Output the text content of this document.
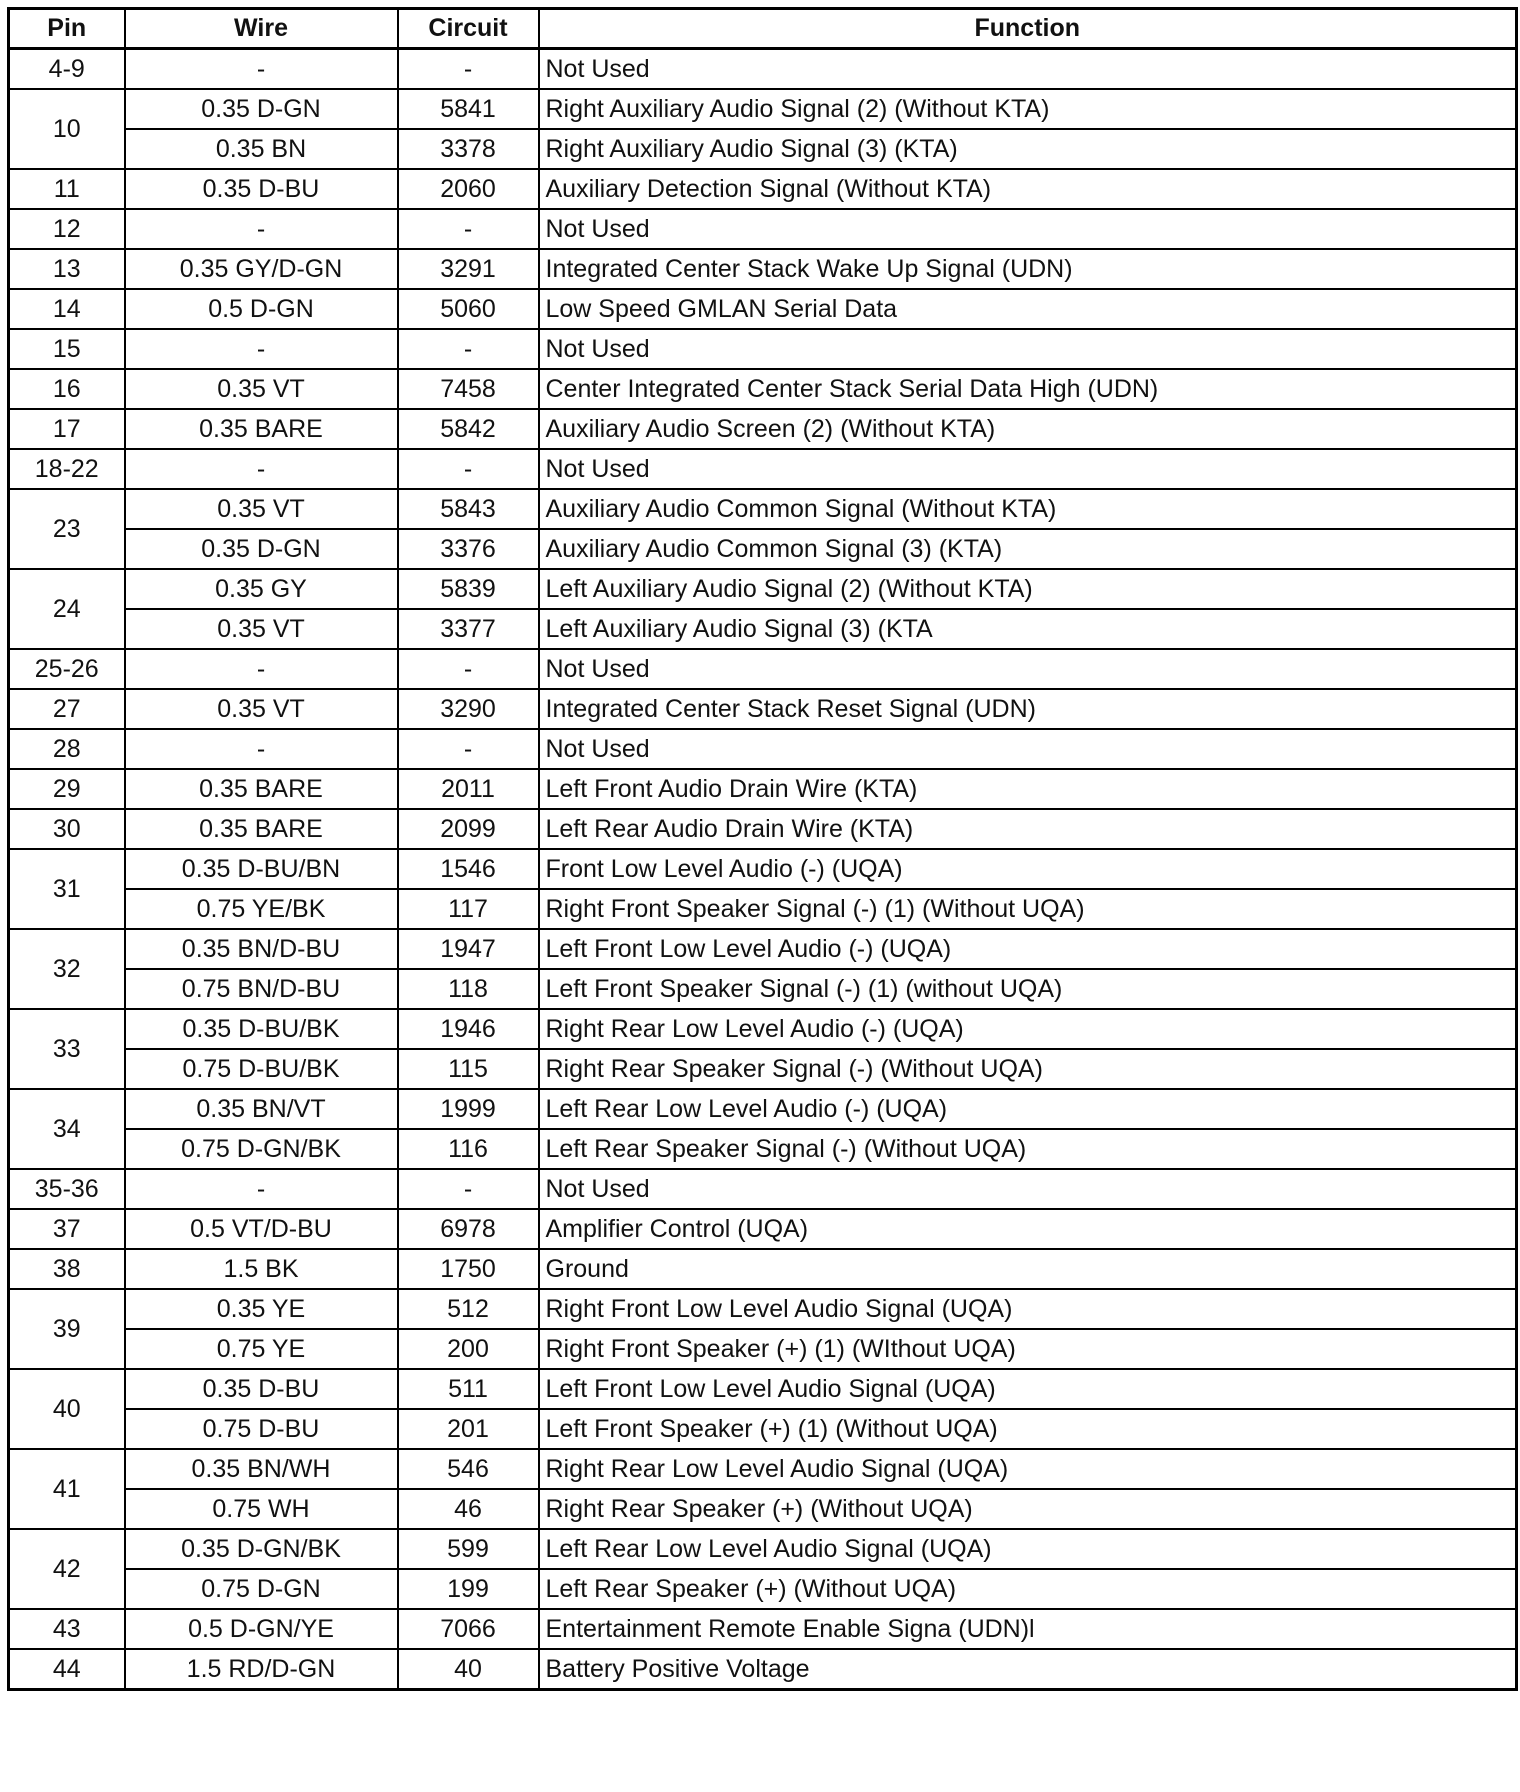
Pin	Wire	Circuit	Function
4-9	-	-	Not Used
10	0.35 D-GN	5841	Right Auxiliary Audio Signal (2) (Without KTA)
	0.35 BN	3378	Right Auxiliary Audio Signal (3) (KTA)
11	0.35 D-BU	2060	Auxiliary Detection Signal (Without KTA)
12	-	-	Not Used
13	0.35 GY/D-GN	3291	Integrated Center Stack Wake Up Signal (UDN)
14	0.5 D-GN	5060	Low Speed GMLAN Serial Data
15	-	-	Not Used
16	0.35 VT	7458	Center Integrated Center Stack Serial Data High (UDN)
17	0.35 BARE	5842	Auxiliary Audio Screen (2) (Without KTA)
18-22	-	-	Not Used
23	0.35 VT	5843	Auxiliary Audio Common Signal (Without KTA)
	0.35 D-GN	3376	Auxiliary Audio Common Signal (3) (KTA)
24	0.35 GY	5839	Left Auxiliary Audio Signal (2) (Without KTA)
	0.35 VT	3377	Left Auxiliary Audio Signal (3) (KTA
25-26	-	-	Not Used
27	0.35 VT	3290	Integrated Center Stack Reset Signal (UDN)
28	-	-	Not Used
29	0.35 BARE	2011	Left Front Audio Drain Wire (KTA)
30	0.35 BARE	2099	Left Rear Audio Drain Wire (KTA)
31	0.35 D-BU/BN	1546	Front Low Level Audio (-) (UQA)
	0.75 YE/BK	117	Right Front Speaker Signal (-) (1) (Without UQA)
32	0.35 BN/D-BU	1947	Left Front Low Level Audio (-) (UQA)
	0.75 BN/D-BU	118	Left Front Speaker Signal (-) (1) (without UQA)
33	0.35 D-BU/BK	1946	Right Rear Low Level Audio (-) (UQA)
	0.75 D-BU/BK	115	Right Rear Speaker Signal (-) (Without UQA)
34	0.35 BN/VT	1999	Left Rear Low Level Audio (-) (UQA)
	0.75 D-GN/BK	116	Left Rear Speaker Signal (-) (Without UQA)
35-36	-	-	Not Used
37	0.5 VT/D-BU	6978	Amplifier Control (UQA)
38	1.5 BK	1750	Ground
39	0.35 YE	512	Right Front Low Level Audio Signal (UQA)
	0.75 YE	200	Right Front Speaker (+) (1) (WIthout UQA)
40	0.35 D-BU	511	Left Front Low Level Audio Signal (UQA)
	0.75 D-BU	201	Left Front Speaker (+) (1) (Without UQA)
41	0.35 BN/WH	546	Right Rear Low Level Audio Signal (UQA)
	0.75 WH	46	Right Rear Speaker (+) (Without UQA)
42	0.35 D-GN/BK	599	Left Rear Low Level Audio Signal (UQA)
	0.75 D-GN	199	Left Rear Speaker (+) (Without UQA)
43	0.5 D-GN/YE	7066	Entertainment Remote Enable Signa (UDN)l
44	1.5 RD/D-GN	40	Battery Positive Voltage
